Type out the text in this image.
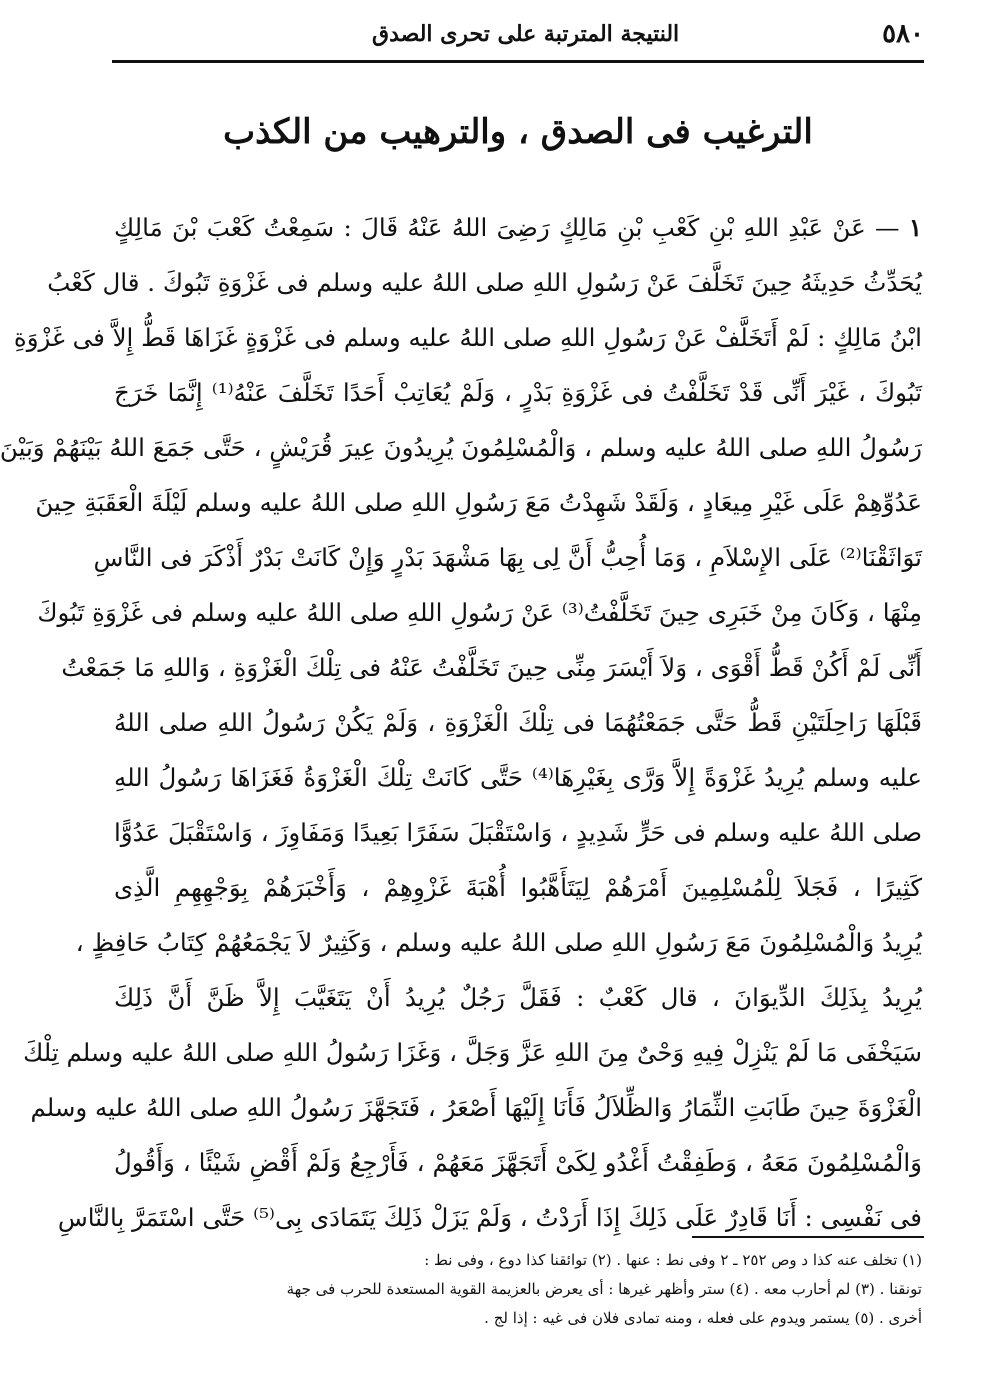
٥٨٠
النتيجة المترتبة على تحرى الصدق
الترغيب فى الصدق ، والترهيب من الكذب
١ — عَنْ عَبْدِ اللهِ بْنِ كَعْبِ بْنِ مَالِكٍ رَضِىَ اللهُ عَنْهُ قَالَ : سَمِعْتُ كَعْبَ بْنَ مَالِكٍ
يُحَدِّثُ حَدِيثَهُ حِينَ تَخَلَّفَ عَنْ رَسُولِ اللهِ صلى اللهُ عليه وسلم فى غَزْوَةِ تَبُوكَ . قال كَعْبُ
ابْنُ مَالِكٍ : لَمْ أَتَخَلَّفْ عَنْ رَسُولِ اللهِ صلى اللهُ عليه وسلم فى غَزْوَةٍ غَزَاهَا قَطُّ إِلاَّ فى غَزْوَةِ
تَبُوكَ ، غَيْرَ أَنِّى قَدْ تَخَلَّفْتُ فى غَزْوَةِ بَدْرٍ ، وَلَمْ يُعَاتِبْ أَحَدًا تَخَلَّفَ عَنْهُ⁽¹⁾ إِنَّمَا خَرَجَ
رَسُولُ اللهِ صلى اللهُ عليه وسلم ، وَالْمُسْلِمُونَ يُرِيدُونَ عِيرَ قُرَيْشٍ ، حَتَّى جَمَعَ اللهُ بَيْنَهُمْ وَبَيْنَ
عَدُوِّهِمْ عَلَى غَيْرِ مِيعَادٍ ، وَلَقَدْ شَهِدْتُ مَعَ رَسُولِ اللهِ صلى اللهُ عليه وسلم لَيْلَةَ الْعَقَبَةِ حِينَ
تَوَاثَقْنَا⁽²⁾ عَلَى الإِسْلاَمِ ، وَمَا أُحِبُّ أَنَّ لِى بِهَا مَشْهَدَ بَدْرٍ وَإِنْ كَانَتْ بَدْرٌ أَذْكَرَ فى النَّاسِ
مِنْهَا ، وَكَانَ مِنْ خَبَرِى حِينَ تَخَلَّفْتُ⁽³⁾ عَنْ رَسُولِ اللهِ صلى اللهُ عليه وسلم فى غَزْوَةِ تَبُوكَ
أَنِّى لَمْ أَكُنْ قَطُّ أَقْوَى ، وَلاَ أَيْسَرَ مِنِّى حِينَ تَخَلَّفْتُ عَنْهُ فى تِلْكَ الْغَزْوَةِ ، وَاللهِ مَا جَمَعْتُ
قَبْلَهَا رَاحِلَتَيْنِ قَطُّ حَتَّى جَمَعْتُهُمَا فى تِلْكَ الْغَزْوَةِ ، وَلَمْ يَكُنْ رَسُولُ اللهِ صلى اللهُ
عليه وسلم يُرِيدُ غَزْوَةً إِلاَّ وَرَّى بِغَيْرِهَا⁽⁴⁾ حَتَّى كَانَتْ تِلْكَ الْغَزْوَةُ فَغَزَاهَا رَسُولُ اللهِ
صلى اللهُ عليه وسلم فى حَرٍّ شَدِيدٍ ، وَاسْتَقْبَلَ سَفَرًا بَعِيدًا وَمَفَاوِزَ ، وَاسْتَقْبَلَ عَدُوًّا
كَثِيرًا ، فَجَلاَ لِلْمُسْلِمِينَ أَمْرَهُمْ لِيَتَأَهَّبُوا أُهْبَةَ غَزْوِهِمْ ، وَأَخْبَرَهُمْ بِوَجْهِهِمِ الَّذِى
يُرِيدُ وَالْمُسْلِمُونَ مَعَ رَسُولِ اللهِ صلى اللهُ عليه وسلم ، وَكَثِيرٌ لاَ يَجْمَعُهُمْ كِتَابُ حَافِظٍ ،
يُرِيدُ بِذَلِكَ الدِّيوَانَ ، قال كَعْبٌ : فَقَلَّ رَجُلٌ يُرِيدُ أَنْ يَتَغَيَّبَ إِلاَّ ظَنَّ أَنَّ ذَلِكَ
سَيَخْفَى مَا لَمْ يَنْزِلْ فِيهِ وَحْىٌ مِنَ اللهِ عَزَّ وَجَلَّ ، وَغَزَا رَسُولُ اللهِ صلى اللهُ عليه وسلم تِلْكَ
الْغَزْوَةَ حِينَ طَابَتِ الثِّمَارُ وَالظِّلاَلُ فَأَنَا إِلَيْهَا أَصْعَرُ ، فَتَجَهَّزَ رَسُولُ اللهِ صلى اللهُ عليه وسلم
وَالْمُسْلِمُونَ مَعَهُ ، وَطَفِقْتُ أَغْدُو لِكَىْ أَتَجَهَّزَ مَعَهُمْ ، فَأَرْجِعُ وَلَمْ أَقْضِ شَيْئًا ، وَأَقُولُ
فى نَفْسِى : أَنَا قَادِرٌ عَلَى ذَلِكَ إِذَا أَرَدْتُ ، وَلَمْ يَزَلْ ذَلِكَ يَتَمَادَى بِى⁽⁵⁾ حَتَّى اسْتَمَرَّ بِالنَّاسِ
(١) تخلف عنه كذا د وص ٢٥٢ ـ ٢ وفى نط : عنها . (٢) توائقنا كذا دوع ، وفى نط :
تونقنا . (٣) لم أحارب معه . (٤) ستر وأظهر غيرها : أى يعرض بالعزيمة القوية المستعدة للحرب فى جهة
أخرى . (٥) يستمر ويدوم على فعله ، ومنه تمادى فلان فى غيه : إذا لج .
